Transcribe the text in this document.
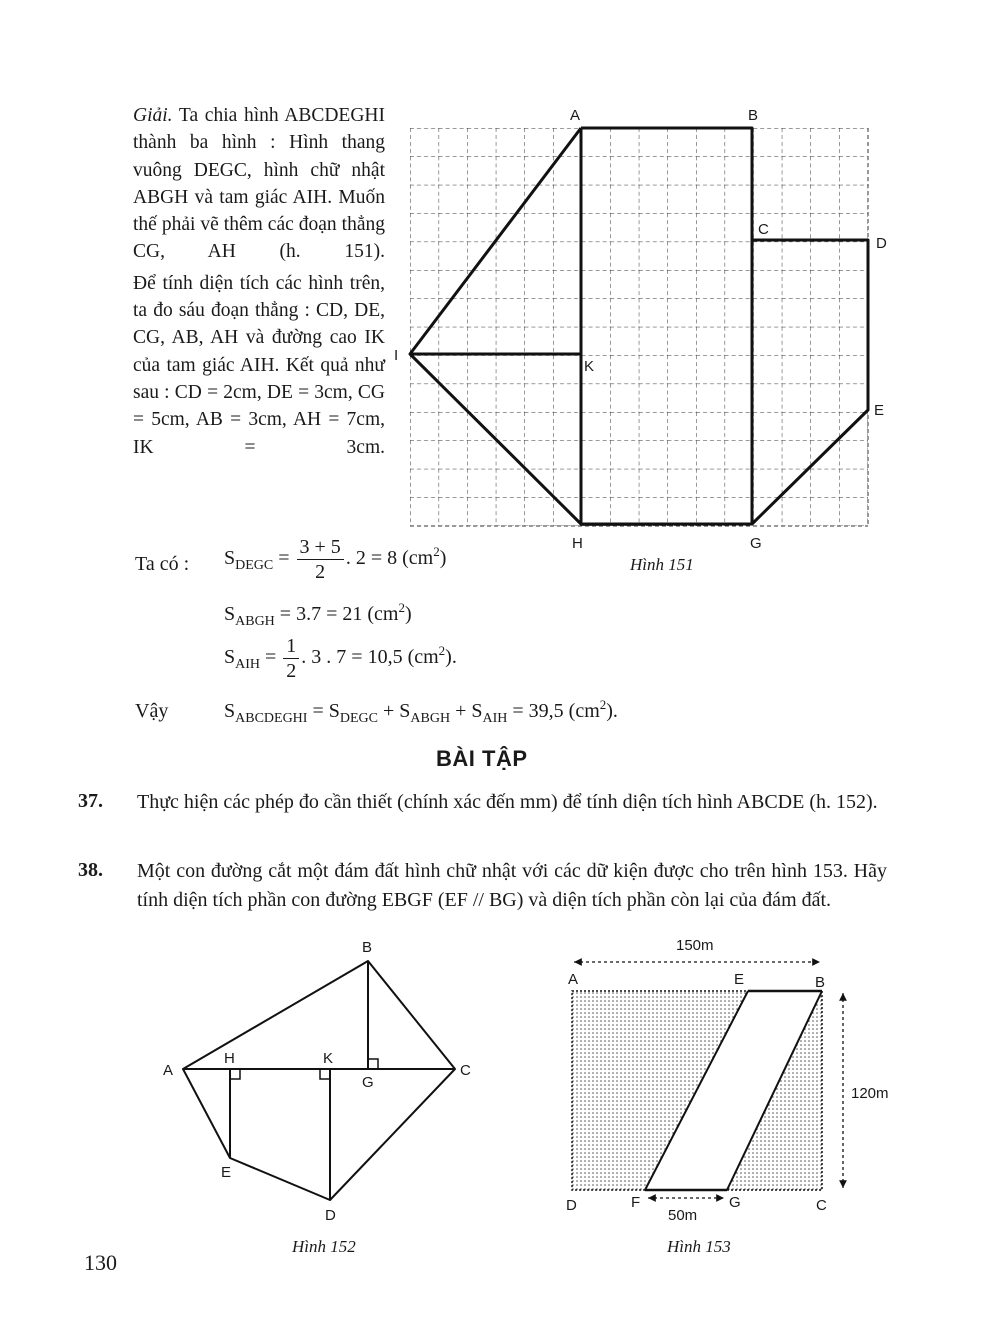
Giải. Ta chia hình ABCDEGHI thành ba hình : Hình thang vuông DEGC, hình chữ nhật ABGH và tam giác AIH. Muốn thế phải vẽ thêm các đoạn thẳng CG, AH (h. 151).

Để tính diện tích các hình trên, ta đo sáu đoạn thẳng : CD, DE, CG, AB, AH và đường cao IK của tam giác AIH. Kết quả như sau : CD = 2cm, DE = 3cm, CG = 5cm, AB = 3cm, AH = 7cm, IK = 3cm.

A	B
C
D
E
G
H
I
K
Hình 151
Ta có : $S_{DEGC} = \frac{3 + 5}{2}$ . 2 = 8 $(cm^2)$
$S_{ABGH} = 3.7 = 21$ $(cm^2)$
$S_{AIH} = \frac{1}{2}$ . 3 . 7 = 10,5 $(cm^2)$.
Vậy	$S_{ABCDEGHI} = S_{DEGC} + S_{ABGH} + S_{AIH} = 39,5$ $(cm^2)$.
BÀI TẬP
37. Thực hiện các phép đo cần thiết (chính xác đến mm) để tính diện tích hình ABCDE (h. 152).
38. Một con đường cắt một đám đất hình chữ nhật với các dữ kiện được cho trên hình 153. Hãy tính diện tích phần con đường EBGF (EF // BG) và diện tích phần còn lại của đám đất.
A
B
C
D
E
G
H	K
Hình 152
150m
120m
50m
A	E	B
D	F	G	C
Hình 153
130
